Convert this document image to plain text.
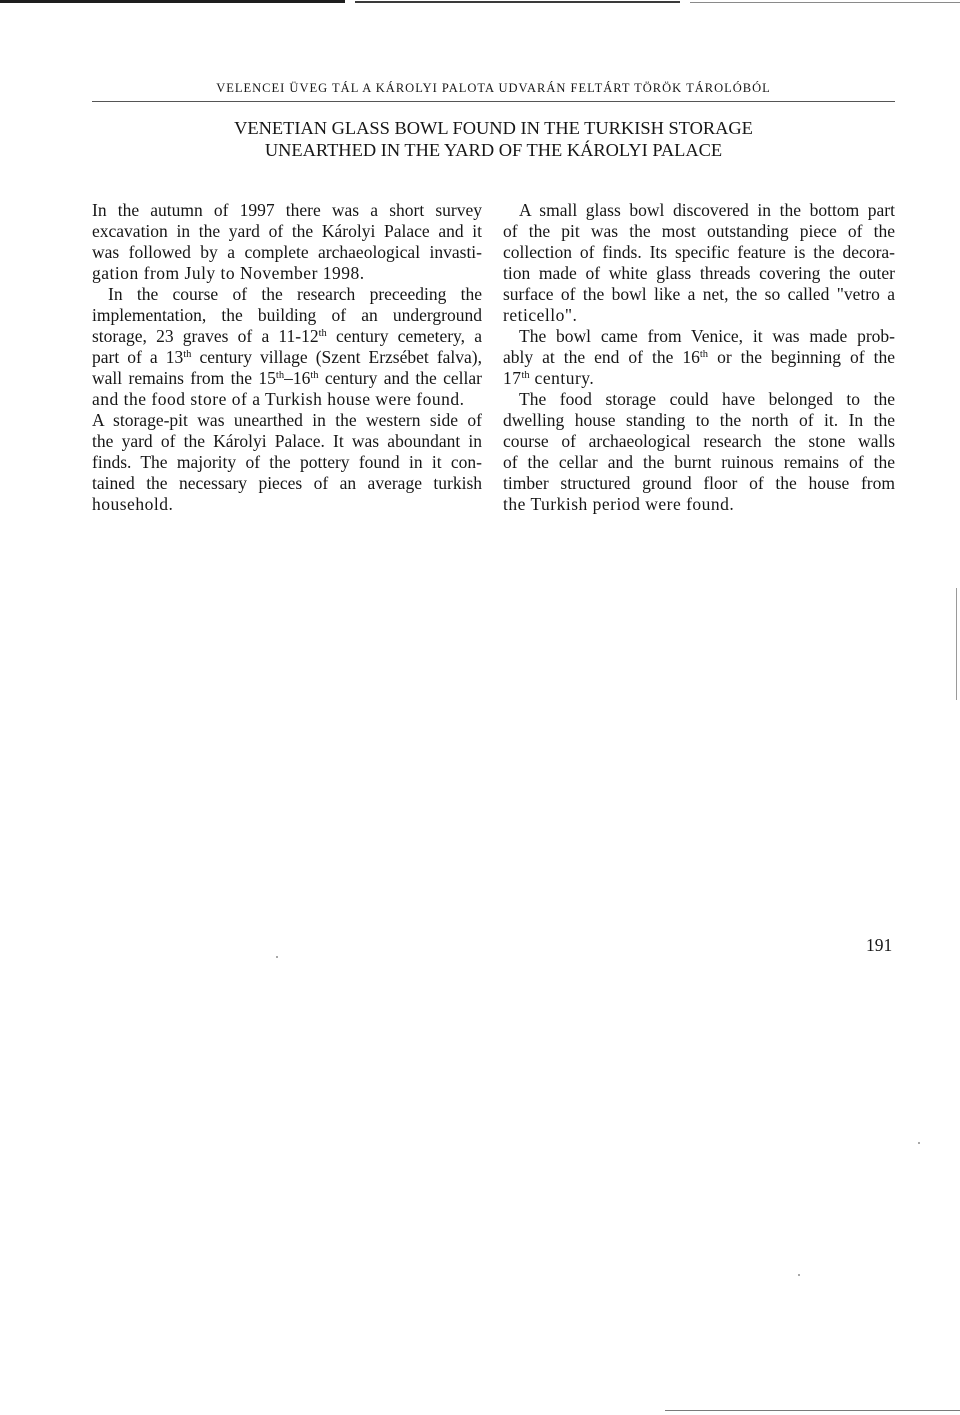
VELENCEI ÜVEG TÁL A KÁROLYI PALOTA UDVARÁN FELTÁRT TÖRÖK TÁROLÓBÓL
VENETIAN GLASS BOWL FOUND IN THE TURKISH STORAGE
UNEARTHED IN THE YARD OF THE KÁROLYI PALACE
In the autumn of 1997 there was a short survey
excavation in the yard of the Károlyi Palace and it
was followed by a complete archaeological invasti-
gation from July to November 1998.
In the course of the research preceeding the
implementation, the building of an underground
storage, 23 graves of a 11-12th century cemetery, a
part of a 13th century village (Szent Erzsébet falva),
wall remains from the 15th–16th century and the cellar
and the food store of a Turkish house were found.
A storage-pit was unearthed in the western side of
the yard of the Károlyi Palace. It was aboundant in
finds. The majority of the pottery found in it con-
tained the necessary pieces of an average turkish
household.
A small glass bowl discovered in the bottom part
of the pit was the most outstanding piece of the
collection of finds. Its specific feature is the decora-
tion made of white glass threads covering the outer
surface of the bowl like a net, the so called "vetro a
reticello".
The bowl came from Venice, it was made prob-
ably at the end of the 16th or the beginning of the
17th century.
The food storage could have belonged to the
dwelling house standing to the north of it. In the
course of archaeological research the stone walls
of the cellar and the burnt ruinous remains of the
timber structured ground floor of the house from
the Turkish period were found.
191
